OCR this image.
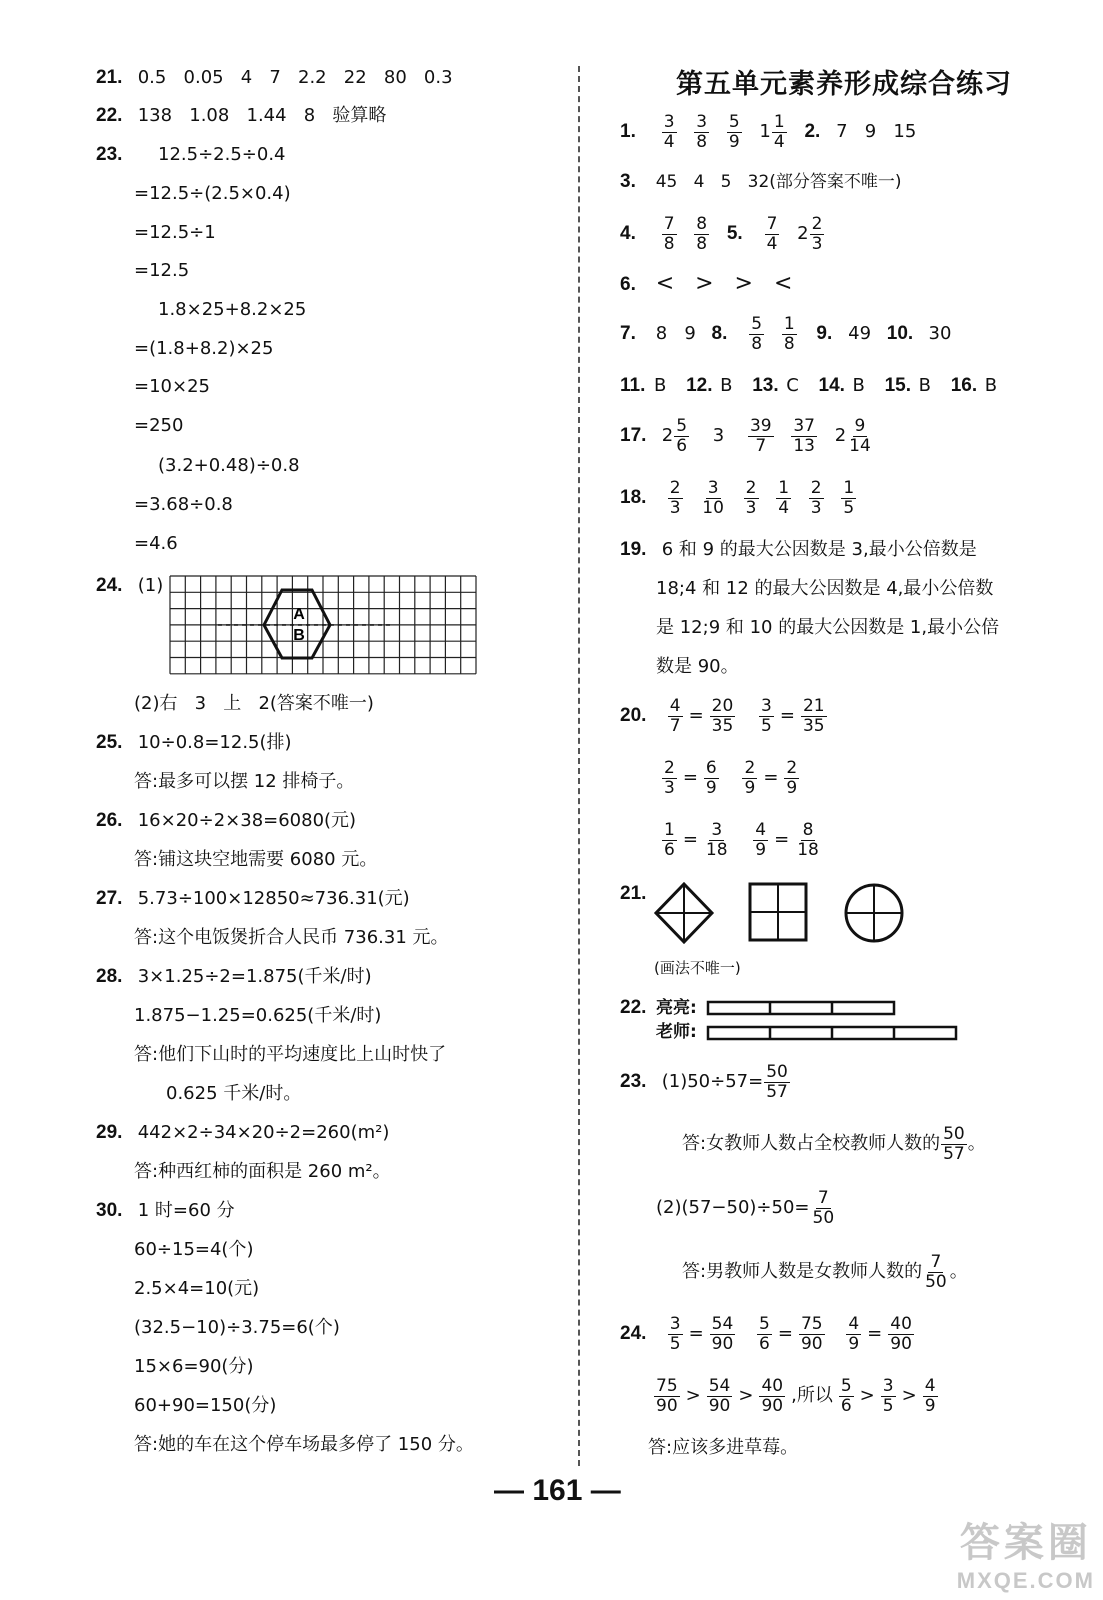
21. 0.5   0.05   4   7   2.2   22   80   0.3
22. 138   1.08   1.44   8   验算略
23.	12.5÷2.5÷0.4
=12.5÷(2.5×0.4)
=12.5÷1
=12.5
1.8×25+8.2×25
=(1.8+8.2)×25
=10×25
=250
(3.2+0.48)÷0.8
=3.68÷0.8
=4.6
24. (1)
A
B
(2)右   3   上   2(答案不唯一)
25. 10÷0.8=12.5(排)
答:最多可以摆 12 排椅子。
26. 16×20÷2×38=6080(元)
答:铺这块空地需要 6080 元。
27. 5.73÷100×12850≈736.31(元)
答:这个电饭煲折合人民币 736.31 元。
28. 3×1.25÷2=1.875(千米/时)
1.875−1.25=0.625(千米/时)
答:他们下山时的平均速度比上山时快了
0.625 千米/时。
29. 442×2÷34×20÷2=260(m²)
答:种西红柿的面积是 260 m²。
30. 1 时=60 分
60÷15=4(个)
2.5×4=10(元)
(32.5−10)÷3.75=6(个)
15×6=90(分)
60+90=150(分)
答:她的车在这个停车场最多停了 150 分。
第五单元素养形成综合练习
1. $\frac{3}{4}$
$\frac{3}{8}$
$\frac{5}{9} 1 \frac{1}{4} 2$. 7   9   15
3. 45   4   5   32(部分答案不唯一)
4. $\frac{7}{8}$
$\frac{8}{8} 5$. $\frac{7}{4} 2 \frac{2}{3}$
6. <   >   >   <
7. 8   9 8. $\frac{5}{8}$
$\frac{1}{8} 9$. 49 10. 30
11. B 12. B 13. C 14. B 15. B 16. B
17. $2 \frac{5}{6} 3 \frac{39}{7}$
$\frac{37}{13} 2 \frac{9}{14}$
18. $\frac{2}{3}$
$\frac{3}{10}$
$\frac{2}{3}$
$\frac{1}{4}$
$\frac{2}{3}$
$\frac{1}{5}$
19. 6 和 9 的最大公因数是 3,最小公倍数是
18;4 和 12 的最大公因数是 4,最小公倍数
是 12;9 和 10 的最大公因数是 1,最小公倍
数是 90。
20. $\frac{4}{7} = \frac{20}{35}$
$\frac{3}{5} = \frac{21}{35}$
$\frac{2}{3} = \frac{6}{9}$
$\frac{2}{9} = \frac{2}{9}$
$\frac{1}{6} = \frac{3}{18}$
$\frac{4}{9} = \frac{8}{18}$
21.
(画法不唯一)
22. 亮亮:
老师:
23. $(1)50\div 57= \frac{50}{57}$
答:女教师人数占全校教师人数的 $\frac{50}{57}$ 。
$(2)(57-50)\div 50= \frac{7}{50}$
答:男教师人数是女教师人数的 $\frac{7}{50}$ 。
24. $\frac{3}{5} = \frac{54}{90}$
$\frac{5}{6} = \frac{75}{90}$
$\frac{4}{9} = \frac{40}{90}$
$\frac{75}{90} > \frac{54}{90} > \frac{40}{90}$ ,所以 $\frac{5}{6} > \frac{3}{5} > \frac{4}{9}$
答:应该多进草莓。
— 161 —
答案圈
MXQE.COM
